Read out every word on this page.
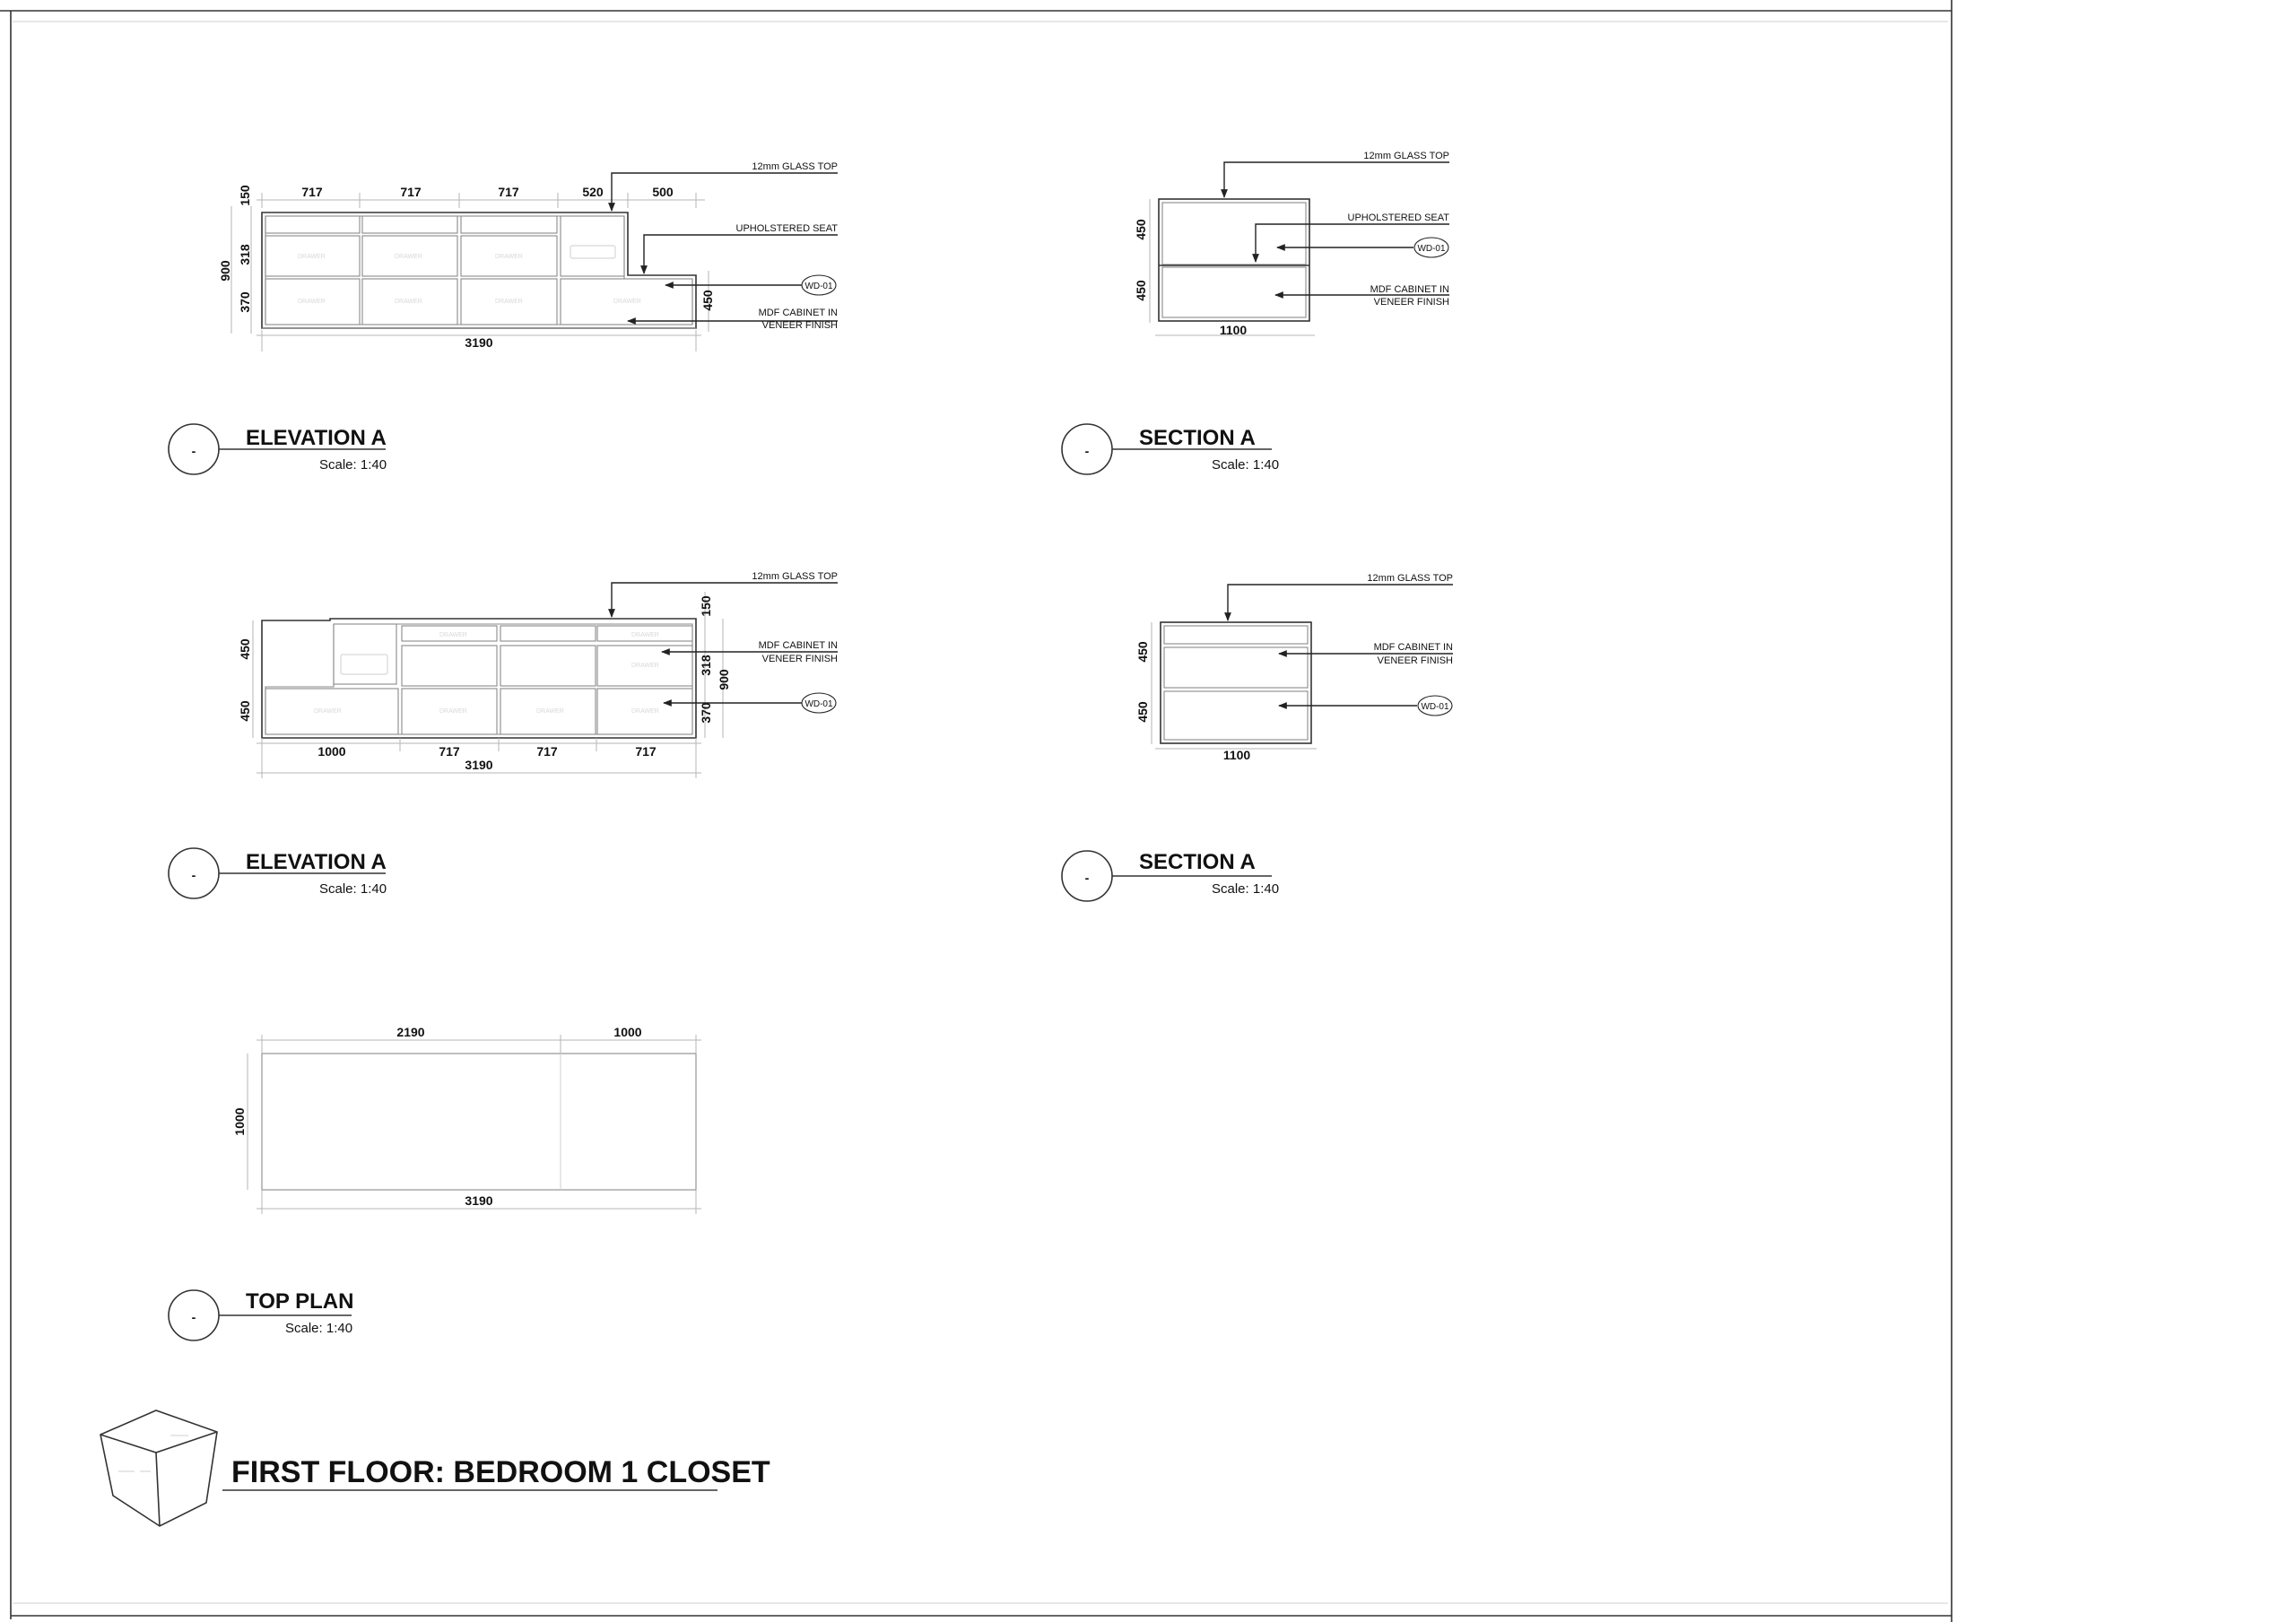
DRAWER	DRAWER	DRAWER
DRAWER	DRAWER	DRAWER	DRAWER
717	717	717	520	500
3190
150
318
370
900
450
12mm GLASS TOP
UPHOLSTERED SEAT
WD-01
MDF CABINET IN
VENEER FINISH
-
ELEVATION A
Scale: 1:40
450
450
1100
12mm GLASS TOP
UPHOLSTERED SEAT
WD-01
MDF CABINET IN
VENEER FINISH
-
SECTION A
Scale: 1:40
DRAWER	DRAWER	DRAWER	DRAWER
DRAWER
DRAWER	DRAWER
1000	717	717	717
3190
450
450
150
318
370
900
12mm GLASS TOP
MDF CABINET IN
VENEER FINISH
WD-01
-
ELEVATION A
Scale: 1:40
450
450
1100
12mm GLASS TOP
MDF CABINET IN
VENEER FINISH
WD-01
-
SECTION A
Scale: 1:40
2190	1000
3190
1000
-
TOP PLAN
Scale: 1:40
FIRST FLOOR: BEDROOM 1 CLOSET
